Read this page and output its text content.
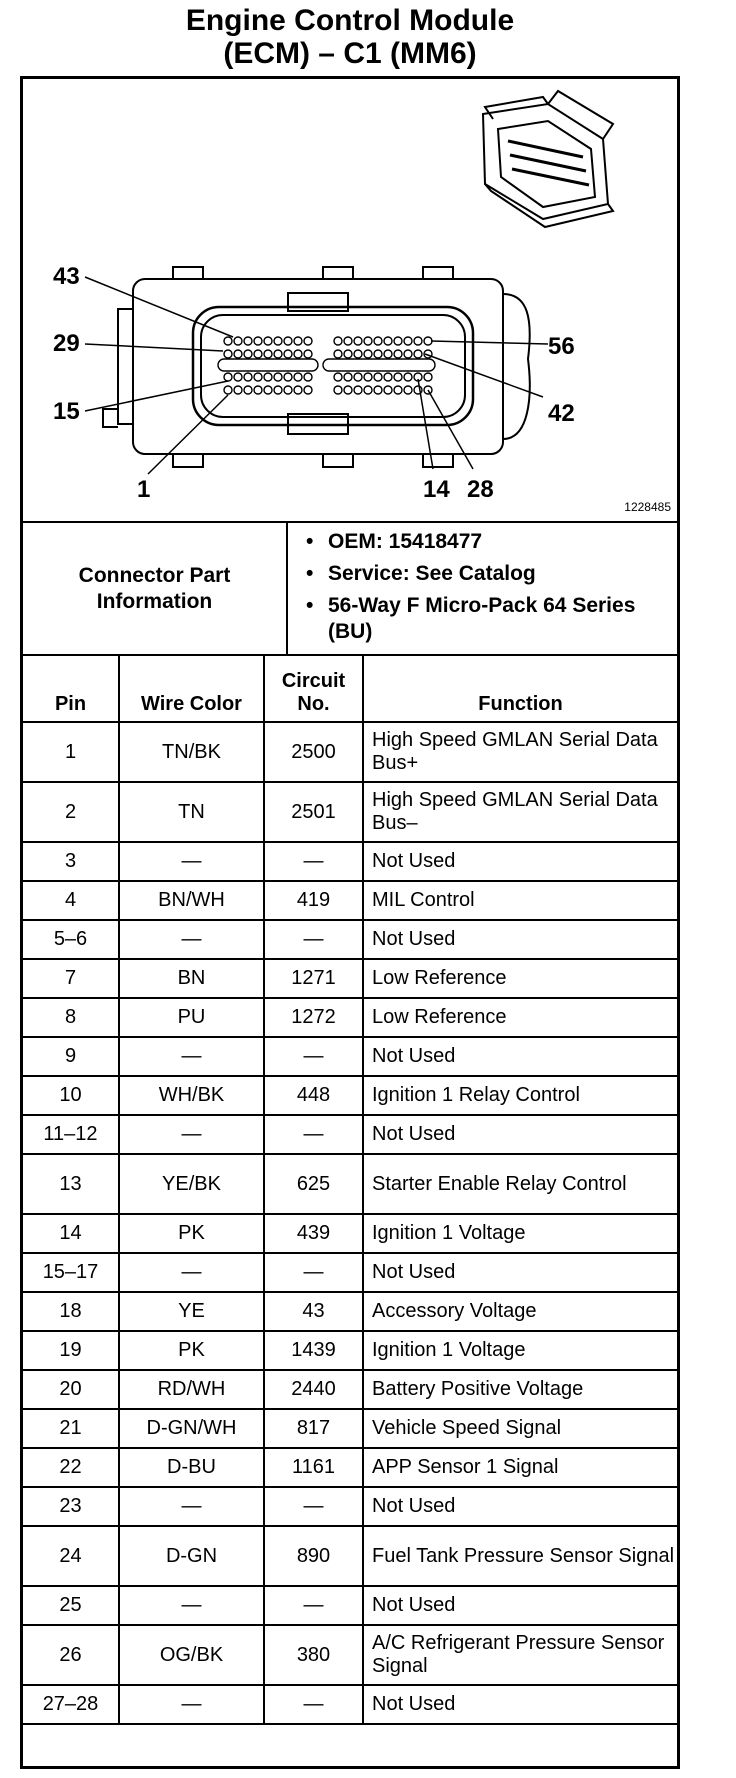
Engine Control Module
(ECM) – C1 (MM6)
43
29
15
1
56
42
14 28
1228485
Connector Part Information
• OEM: 15418477
• Service: See Catalog
• 56-Way F Micro-Pack 64 Series (BU)
Pin	Wire Color	Circuit No.	Function
1	TN/BK	2500	High Speed GMLAN Serial Data Bus+
2	TN	2501	High Speed GMLAN Serial Data Bus–
3	—	—	Not Used
4	BN/WH	419	MIL Control
5–6	—	—	Not Used
7	BN	1271	Low Reference
8	PU	1272	Low Reference
9	—	—	Not Used
10	WH/BK	448	Ignition 1 Relay Control
11–12	—	—	Not Used
13	YE/BK	625	Starter Enable Relay Control
14	PK	439	Ignition 1 Voltage
15–17	—	—	Not Used
18	YE	43	Accessory Voltage
19	PK	1439	Ignition 1 Voltage
20	RD/WH	2440	Battery Positive Voltage
21	D-GN/WH	817	Vehicle Speed Signal
22	D-BU	1161	APP Sensor 1 Signal
23	—	—	Not Used
24	D-GN	890	Fuel Tank Pressure Sensor Signal
25	—	—	Not Used
26	OG/BK	380	A/C Refrigerant Pressure Sensor Signal
27–28	—	—	Not Used
